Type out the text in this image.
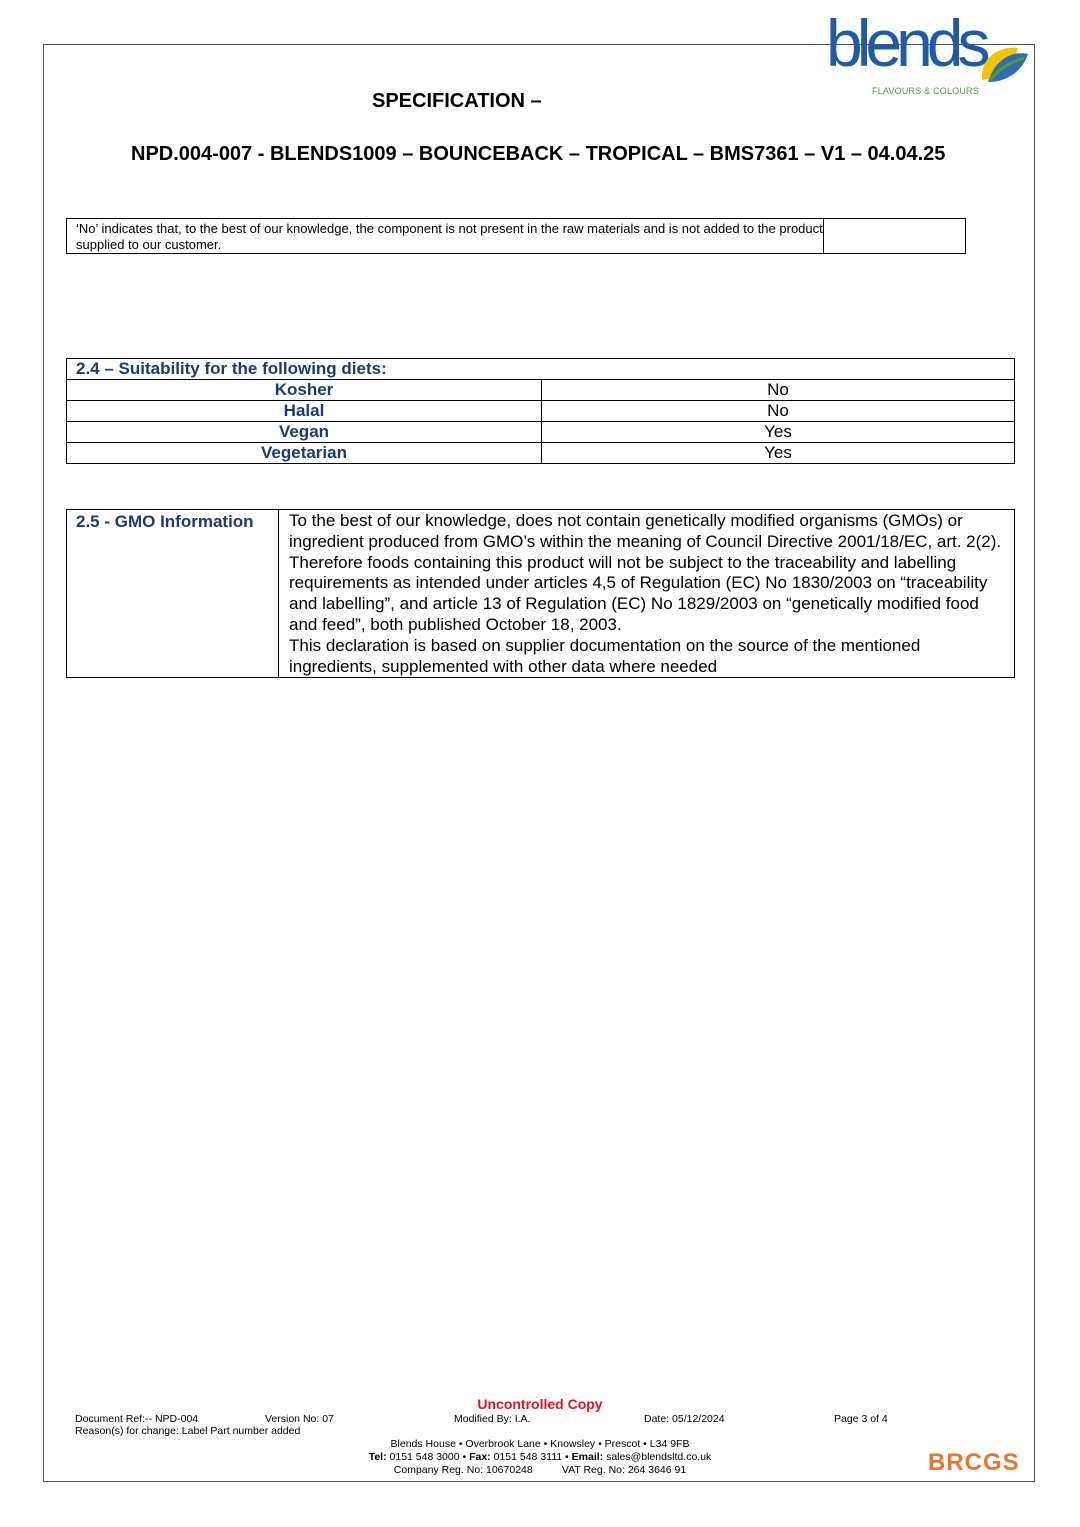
blends
FLAVOURS & COLOURS
SPECIFICATION –
NPD.004-007 - BLENDS1009 – BOUNCEBACK – TROPICAL – BMS7361 – V1 – 04.04.25
‘No’ indicates that, to the best of our knowledge, the component is not present in the raw materials and is not added to the product supplied to our customer.
2.4 – Suitability for the following diets:	
Kosher	No
Halal	No
Vegan	Yes
Vegetarian	Yes
2.5 - GMO Information	To the best of our knowledge, does not contain genetically modified organisms (GMOs) or ingredient produced from GMO’s within the meaning of Council Directive 2001/18/EC, art. 2(2).

Therefore foods containing this product will not be subject to the traceability and labelling requirements as intended under articles 4,5 of Regulation (EC) No 1830/2003 on “traceability and labelling”, and article 13 of Regulation (EC) No 1829/2003 on “genetically modified food and feed”, both published October 18, 2003.

This declaration is based on supplier documentation on the source of the mentioned ingredients, supplemented with other data where needed

Uncontrolled Copy
Document Ref:-- NPD-004	Version No: 07	Modified By: I.A.	Date: 05/12/2024	Page 3 of 4
Reason(s) for change: Label Part number added
Blends House • Overbrook Lane • Knowsley • Prescot • L34 9FB
Tel: 0151 548 3000 • Fax: 0151 548 3111 • Email: sales@blendsltd.co.uk
Company Reg. No: 10670248          VAT Reg. No: 264 3646 91	BRCGS
